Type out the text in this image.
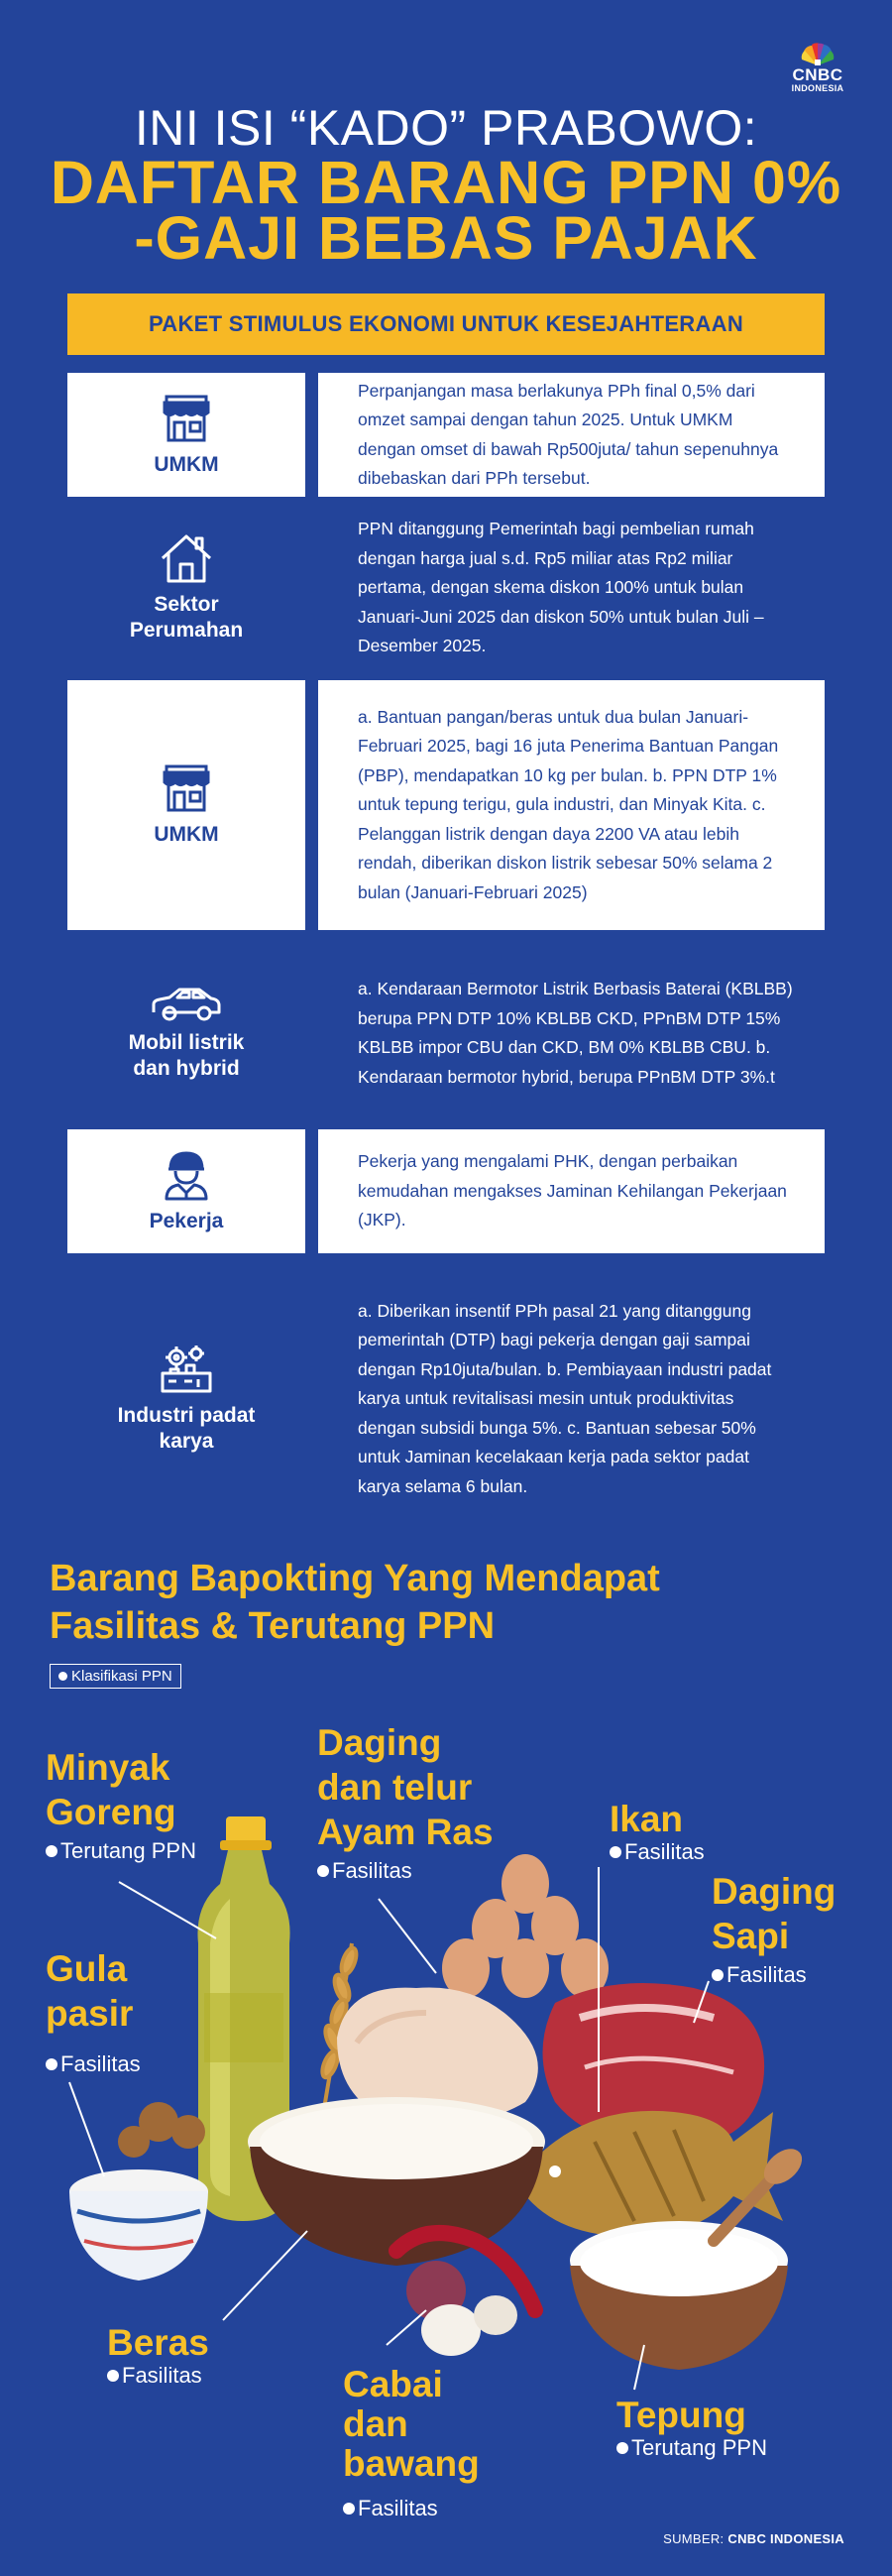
CNBC
INDONESIA
INI ISI “KADO” PRABOWO:
DAFTAR BARANG PPN 0%
-GAJI BEBAS PAJAK
PAKET STIMULUS EKONOMI UNTUK KESEJAHTERAAN
UMKM
Perpanjangan masa berlakunya PPh final 0,5% dari omzet sampai dengan tahun 2025. Untuk UMKM dengan omset di bawah Rp500juta/ tahun sepenuhnya dibebaskan dari PPh tersebut.
Sektor Perumahan
PPN ditanggung Pemerintah bagi pembelian rumah dengan harga jual s.d. Rp5 miliar atas Rp2 miliar pertama, dengan skema diskon 100% untuk bulan Januari-Juni 2025 dan diskon 50% untuk bulan Juli – Desember 2025.
UMKM
a. Bantuan pangan/beras untuk dua bulan Januari-Februari 2025, bagi 16 juta Penerima Bantuan Pangan (PBP), mendapatkan 10 kg per bulan. b. PPN DTP 1% untuk tepung terigu, gula industri, dan Minyak Kita. c. Pelanggan listrik dengan daya 2200 VA atau lebih rendah, diberikan diskon listrik sebesar 50% selama 2 bulan (Januari-Februari 2025)
Mobil listrik dan hybrid
a. Kendaraan Bermotor Listrik Berbasis Baterai (KBLBB) berupa PPN DTP 10% KBLBB CKD, PPnBM DTP 15% KBLBB impor CBU dan CKD, BM 0% KBLBB CBU. b. Kendaraan bermotor hybrid, berupa PPnBM DTP 3%.t
Pekerja
Pekerja yang mengalami PHK, dengan perbaikan kemudahan mengakses Jaminan Kehilangan Pekerjaan (JKP).
Industri padat karya
a. Diberikan insentif PPh pasal 21 yang ditanggung pemerintah (DTP) bagi pekerja dengan gaji sampai dengan Rp10juta/bulan. b. Pembiayaan industri padat karya untuk revitalisasi mesin untuk produktivitas dengan subsidi bunga 5%. c. Bantuan sebesar 50% untuk Jaminan kecelakaan kerja pada sektor padat karya selama 6 bulan.
Barang Bapokting Yang Mendapat
Fasilitas & Terutang PPN
Klasifikasi PPN
Minyak
Goreng
Terutang PPN
Daging
dan telur
Ayam Ras
Fasilitas
Ikan
Fasilitas
Daging
Sapi
Fasilitas
Gula
pasir
Fasilitas
Beras
Fasilitas	Cabai
dan
bawang
Fasilitas
Tepung
Terutang PPN
SUMBER: CNBC INDONESIA
